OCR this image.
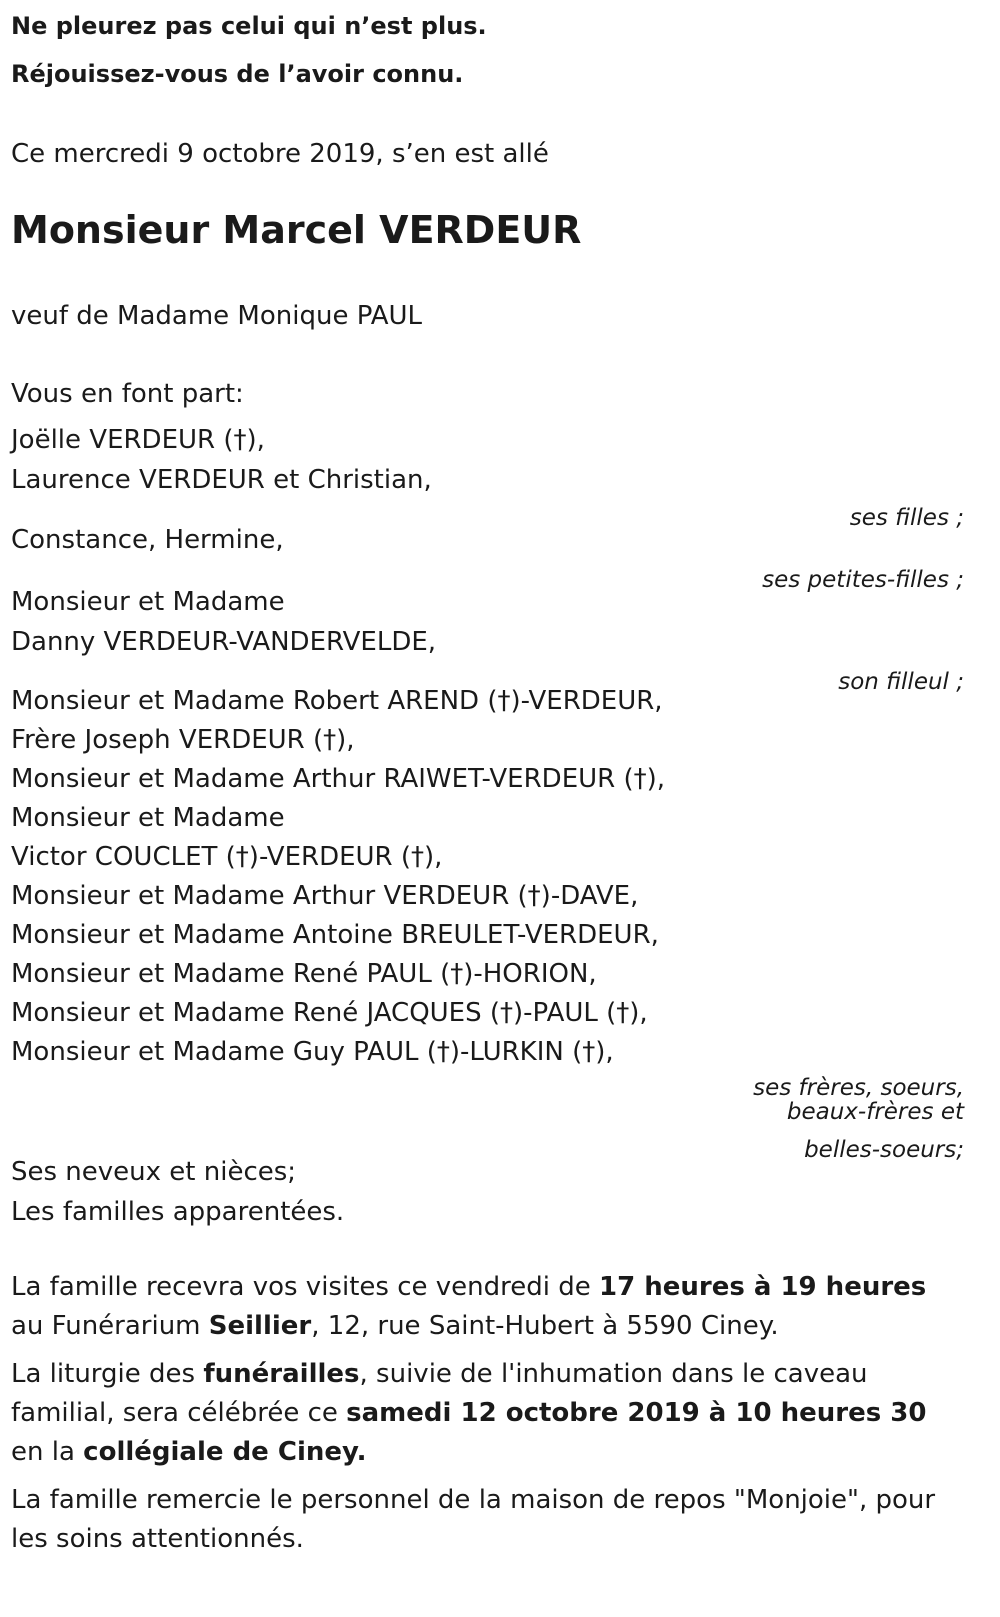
Ne pleurez pas celui qui n’est plus.
Réjouissez-vous de l’avoir connu.
Ce mercredi 9 octobre 2019, s’en est allé
Monsieur Marcel VERDEUR
veuf de Madame Monique PAUL
Vous en font part:
Joëlle VERDEUR (†),
Laurence VERDEUR et Christian,
ses filles ;
Constance, Hermine,
ses petites-filles ;
Monsieur et Madame
Danny VERDEUR-VANDERVELDE,
son filleul ;
Monsieur et Madame Robert AREND (†)-VERDEUR,
Frère Joseph VERDEUR (†),
Monsieur et Madame Arthur RAIWET-VERDEUR (†),
Monsieur et Madame
Victor COUCLET (†)-VERDEUR (†),
Monsieur et Madame Arthur VERDEUR (†)-DAVE,
Monsieur et Madame Antoine BREULET-VERDEUR,
Monsieur et Madame René PAUL (†)-HORION,
Monsieur et Madame René JACQUES (†)-PAUL (†),
Monsieur et Madame Guy PAUL (†)-LURKIN (†),
ses frères, soeurs,
beaux-frères et
belles-soeurs;
Ses neveux et nièces;
Les familles apparentées.
La famille recevra vos visites ce vendredi de 17 heures à 19 heures au Funérarium Seillier, 12, rue Saint-Hubert à 5590 Ciney.
La liturgie des funérailles, suivie de l'inhumation dans le caveau familial, sera célébrée ce samedi 12 octobre 2019 à 10 heures 30 en la collégiale de Ciney.
La famille remercie le personnel de la maison de repos "Monjoie", pour les soins attentionnés.
